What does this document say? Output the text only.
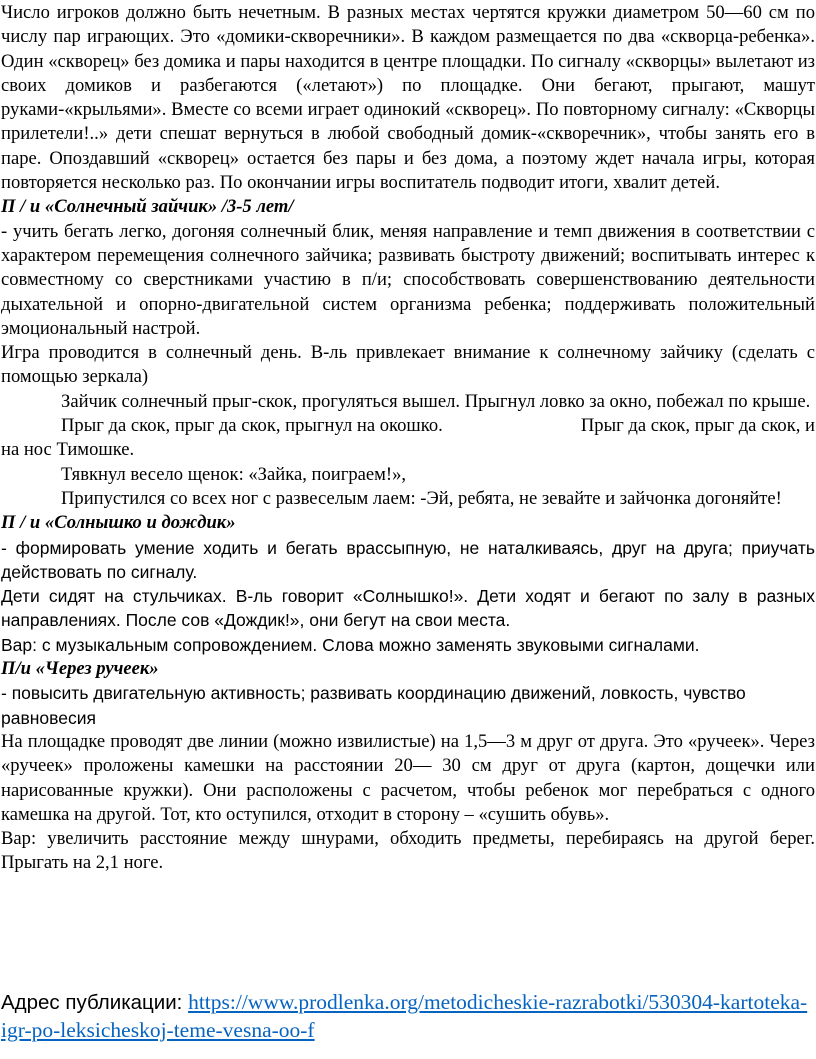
Число игроков должно быть нечетным. В разных местах чертятся кружки диаметром 50—60 см по числу пар играющих. Это «домики-скворечники». В каждом размещается по два «скворца-ребенка». Один «скворец» без домика и пары находится в центре площадки. По сигналу «скворцы» вылетают из своих домиков и разбегаются («летают») по площадке. Они бегают, прыгают, машут руками-«крыльями». Вместе со всеми играет одинокий «скворец». По повторному сигналу: «Скворцы прилетели!..» дети спешат вернуться в любой свободный домик-«скворечник», чтобы занять его в паре. Опоздавший «скворец» остается без пары и без дома, а поэтому ждет начала игры, которая повторяется несколько раз. По окончании игры воспитатель подводит итоги, хвалит детей.

П / и «Солнечный зайчик» /3-5 лет/

- учить бегать легко, догоняя солнечный блик, меняя направление и темп движения в соответствии с характером перемещения солнечного зайчика; развивать быстроту движений; воспитывать интерес к совместному со сверстниками участию в п/и; способствовать совершенствованию деятельности дыхательной и опорно-двигательной систем организма ребенка; поддерживать положительный эмоциональный настрой.

Игра проводится в солнечный день. В-ль привлекает внимание к солнечному зайчику (сделать с помощью зеркала)

Зайчик солнечный прыг-скок, прогуляться вышел. Прыгнул ловко за окно, побежал по крыше.

Прыг да скок, прыг да скок, прыгнул на окошко.	Прыг да скок, прыг да скок, и
на нос Тимошке.

Тявкнул весело щенок: «Зайка, поиграем!»,

Припустился со всех ног с развеселым лаем: -Эй, ребята, не зевайте и зайчонка догоняйте!

П / и «Солнышко и дождик»

- формировать умение ходить и бегать врассыпную, не наталкиваясь, друг на друга; приучать действовать по сигналу.

Дети сидят на стульчиках. В-ль говорит «Солнышко!». Дети ходят и бегают по залу в разных направлениях. После сов «Дождик!», они бегут на свои места.

Вар: с музыкальным сопровождением. Слова можно заменять звуковыми сигналами.

П/и «Через ручеек»

- повысить двигательную активность; развивать координацию движений, ловкость, чувство равновесия

На площадке проводят две линии (можно извилистые) на 1,5—3 м друг от друга. Это «ручеек». Через «ручеек» проложены камешки на расстоянии 20— 30 см друг от друга (картон, дощечки или нарисованные кружки). Они расположены с расчетом, чтобы ребенок мог перебраться с одного камешка на другой. Тот, кто оступился, отходит в сторону – «сушить обувь».

Вар: увеличить расстояние между шнурами, обходить предметы, перебираясь на другой берег. Прыгать на 2,1 ноге.

Адрес публикации: https://www.prodlenka.org/metodicheskie-razrabotki/530304-kartoteka-igr-po-leksicheskoj-teme-vesna-oo-f
